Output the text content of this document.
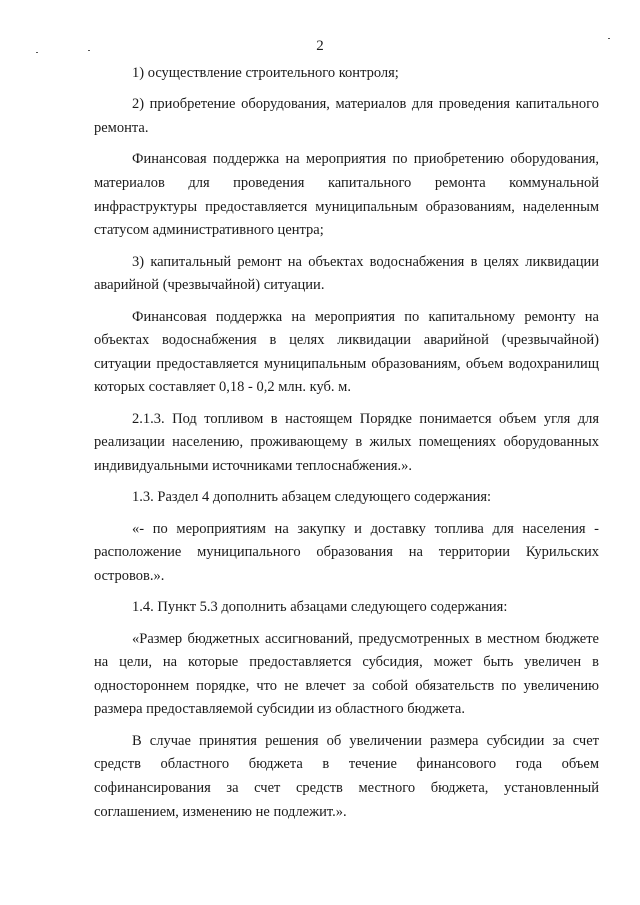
2

1) осуществление строительного контроля;

2) приобретение оборудования, материалов для проведения капитального ремонта.

Финансовая поддержка на мероприятия по приобретению оборудования, материалов для проведения капитального ремонта коммунальной инфраструктуры предоставляется муниципальным образованиям, наделенным статусом административного центра;

3) капитальный ремонт на объектах водоснабжения в целях ликвидации аварийной (чрезвычайной) ситуации.

Финансовая поддержка на мероприятия по капитальному ремонту на объектах водоснабжения в целях ликвидации аварийной (чрезвычайной) ситуации предоставляется муниципальным образованиям, объем водохранилищ которых составляет 0,18 - 0,2 млн. куб. м.

2.1.3. Под топливом в настоящем Порядке понимается объем угля для реализации населению, проживающему в жилых помещениях оборудованных индивидуальными источниками теплоснабжения.».

1.3. Раздел 4 дополнить абзацем следующего содержания:

«- по мероприятиям на закупку и доставку топлива для населения - расположение муниципального образования на территории Курильских островов.».

1.4. Пункт 5.3 дополнить абзацами следующего содержания:

«Размер бюджетных ассигнований, предусмотренных в местном бюджете на цели, на которые предоставляется субсидия, может быть увеличен в одностороннем порядке, что не влечет за собой обязательств по увеличению размера предоставляемой субсидии из областного бюджета.

В случае принятия решения об увеличении размера субсидии за счет средств областного бюджета в течение финансового года объем софинансирования за счет средств местного бюджета, установленный соглашением, изменению не подлежит.».
